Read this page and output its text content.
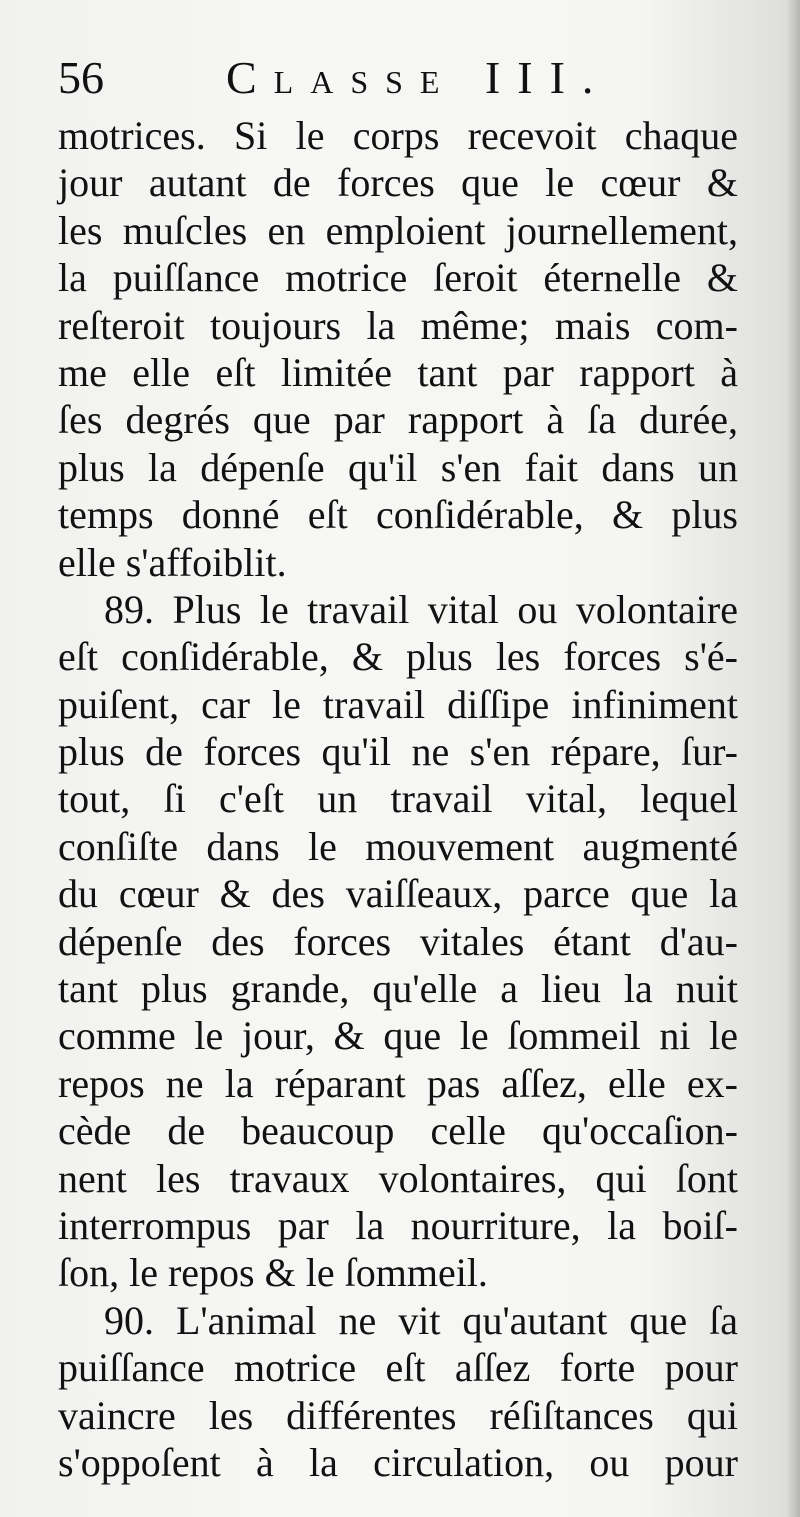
56	Classe III.
motrices. Si le corps recevoit chaque
jour autant de forces que le cœur &
les muſcles en emploient journellement,
la puiſſance motrice ſeroit éternelle &
reſteroit toujours la même; mais com-
me elle eſt limitée tant par rapport à
ſes degrés que par rapport à ſa durée,
plus la dépenſe qu'il s'en fait dans un
temps donné eſt conſidérable, & plus
elle s'affoiblit.
89. Plus le travail vital ou volontaire
eſt conſidérable, & plus les forces s'é-
puiſent, car le travail diſſipe infiniment
plus de forces qu'il ne s'en répare, ſur-
tout, ſi c'eſt un travail vital, lequel
conſiſte dans le mouvement augmenté
du cœur & des vaiſſeaux, parce que la
dépenſe des forces vitales étant d'au-
tant plus grande, qu'elle a lieu la nuit
comme le jour, & que le ſommeil ni le
repos ne la réparant pas aſſez, elle ex-
cède de beaucoup celle qu'occaſion-
nent les travaux volontaires, qui ſont
interrompus par la nourriture, la boiſ-
ſon, le repos & le ſommeil.
90. L'animal ne vit qu'autant que ſa
puiſſance motrice eſt aſſez forte pour
vaincre les différentes réſiſtances qui
s'oppoſent à la circulation, ou pour
